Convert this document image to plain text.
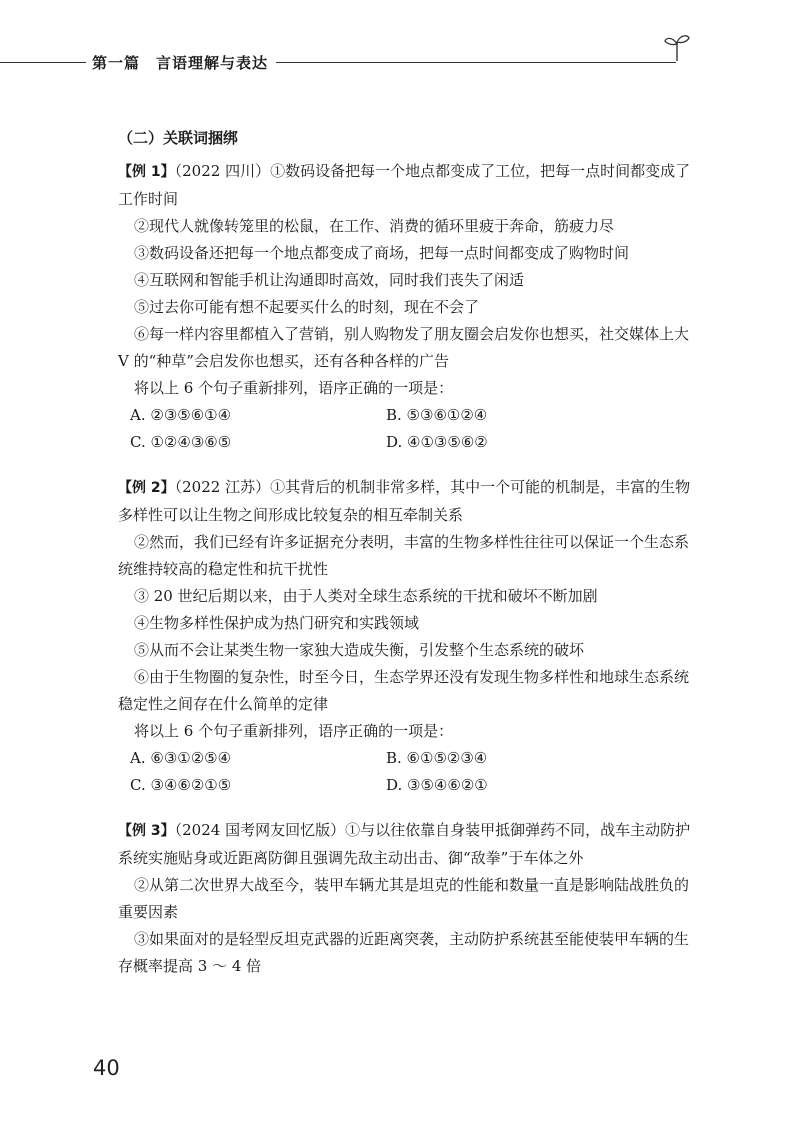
第一篇　言语理解与表达
（二）关联词捆绑

【例 1】（2022 四川）①数码设备把每一个地点都变成了工位，把每一点时间都变成了工作时间

②现代人就像转笼里的松鼠，在工作、消费的循环里疲于奔命，筋疲力尽

③数码设备还把每一个地点都变成了商场，把每一点时间都变成了购物时间

④互联网和智能手机让沟通即时高效，同时我们丧失了闲适

⑤过去你可能有想不起要买什么的时刻，现在不会了

⑥每一样内容里都植入了营销，别人购物发了朋友圈会启发你也想买，社交媒体上大 V 的“种草”会启发你也想买，还有各种各样的广告

将以上 6 个句子重新排列，语序正确的一项是：

A. ②③⑤⑥①④	B. ⑤③⑥①②④
C. ①②④③⑥⑤	D. ④①③⑤⑥②

【例 2】（2022 江苏）①其背后的机制非常多样，其中一个可能的机制是，丰富的生物多样性可以让生物之间形成比较复杂的相互牵制关系

②然而，我们已经有许多证据充分表明，丰富的生物多样性往往可以保证一个生态系统维持较高的稳定性和抗干扰性

③ 20 世纪后期以来，由于人类对全球生态系统的干扰和破坏不断加剧

④生物多样性保护成为热门研究和实践领域

⑤从而不会让某类生物一家独大造成失衡，引发整个生态系统的破坏

⑥由于生物圈的复杂性，时至今日，生态学界还没有发现生物多样性和地球生态系统稳定性之间存在什么简单的定律

将以上 6 个句子重新排列，语序正确的一项是：

A. ⑥③①②⑤④	B. ⑥①⑤②③④
C. ③④⑥②①⑤	D. ③⑤④⑥②①

【例 3】（2024 国考网友回忆版）①与以往依靠自身装甲抵御弹药不同，战车主动防护系统实施贴身或近距离防御且强调先敌主动出击、御“敌拳”于车体之外

②从第二次世界大战至今，装甲车辆尤其是坦克的性能和数量一直是影响陆战胜负的重要因素

③如果面对的是轻型反坦克武器的近距离突袭，主动防护系统甚至能使装甲车辆的生存概率提高 3 ～ 4 倍

40
